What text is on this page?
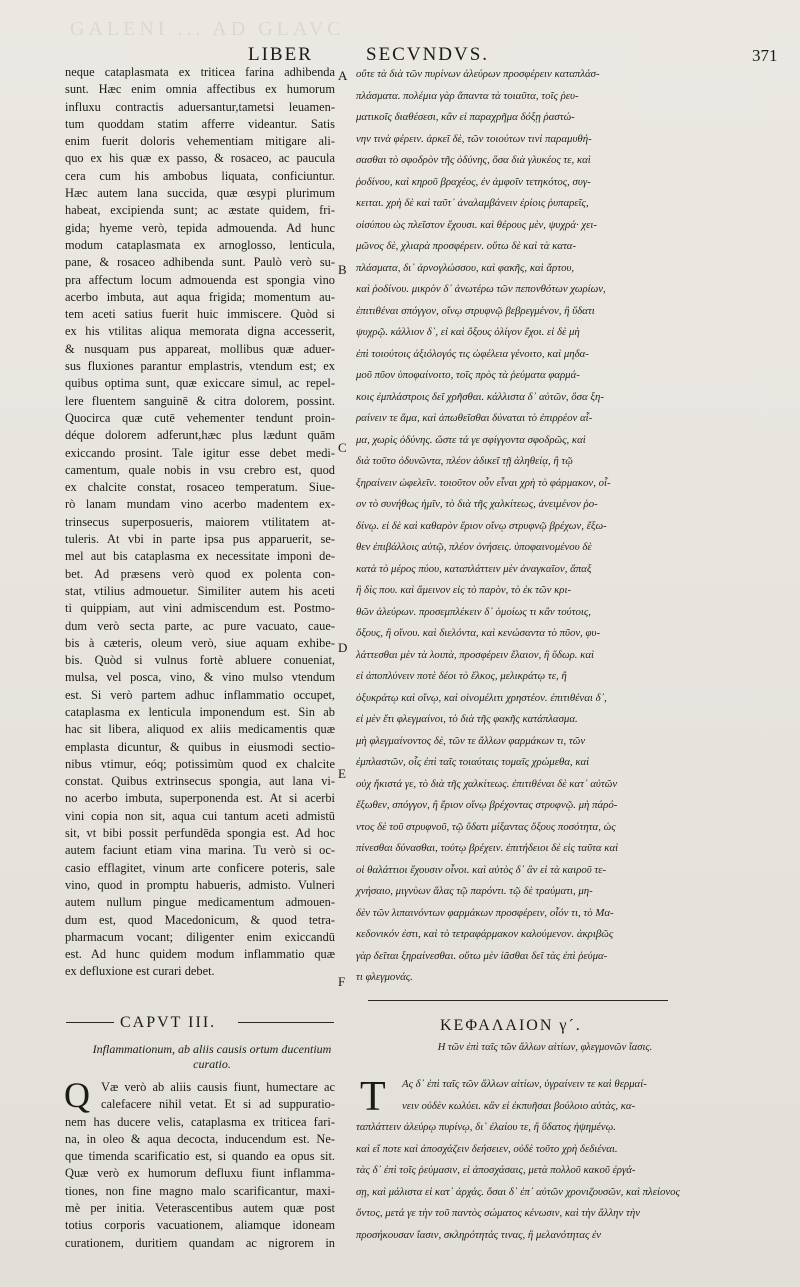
GALENI ... AD GLAVC
LIBER	SECVNDVS.	371
neque cataplasmata ex triticea farina adhibenda
sunt. Hæc enim omnia affectibus ex humorum
influxu contractis aduersantur,tametsi leuamen-
tum quoddam statim afferre videantur. Satis
enim fuerit doloris vehementiam mitigare ali-
quo ex his quæ ex passo, & rosaceo, ac paucula
cera cum his ambobus liquata, conficiuntur.
Hæc autem lana succida, quæ œsypi plurimum
habeat, excipienda sunt; ac æstate quidem, fri-
gida; hyeme verò, tepida admouenda. Ad hunc
modum cataplasmata ex arnoglosso, lenticula,
pane, & rosaceo adhibenda sunt. Paulò verò su-
pra affectum locum admouenda est spongia vino
acerbo imbuta, aut aqua frigida; momentum au-
tem aceti satius fuerit huic immiscere. Quòd si
ex his vtilitas aliqua memorata digna accesserit,
& nusquam pus appareat, mollibus quæ aduer-
sus fluxiones parantur emplastris, vtendum est; ex
quibus optima sunt, quæ exiccare simul, ac repel-
lere fluentem sanguinē & citra dolorem, possint.
Quocirca quæ cutē vehementer tendunt proin-
déque dolorem adferunt,hæc plus lædunt quām
exiccando prosint. Tale igitur esse debet medi-
camentum, quale nobis in vsu crebro est, quod
ex chalcite constat, rosaceo temperatum. Siue-
rò lanam mundam vino acerbo madentem ex-
trinsecus superposueris, maiorem vtilitatem at-
tuleris. At vbi in parte ipsa pus apparuerit, se-
mel aut bis cataplasma ex necessitate imponi de-
bet. Ad præsens verò quod ex polenta con-
stat, vtilius admouetur. Similiter autem his aceti
ti quippiam, aut vini admiscendum est. Postmo-
dum verò secta parte, ac pure vacuato, caue-
bis à cæteris, oleum verò, siue aquam exhibe-
bis. Quòd si vulnus fortè abluere conueniat,
mulsa, vel posca, vino, & vino mulso vtendum
est. Si verò partem adhuc inflammatio occupet,
cataplasma ex lenticula imponendum est. Sin ab
hac sit libera, aliquod ex aliis medicamentis quæ
emplasta dicuntur, & quibus in eiusmodi sectio-
nibus vtimur, eóq; potissimùm quod ex chalcite
constat. Quibus extrinsecus spongia, aut lana vi-
no acerbo imbuta, superponenda est. At si acerbi
vini copia non sit, aqua cui tantum aceti admistū
sit, vt bibi possit perfundēda spongia est. Ad hoc
autem faciunt etiam vina marina. Tu verò si oc-
casio efflagitet, vinum arte conficere poteris, sale
vino, quod in promptu habueris, admisto. Vulneri
autem nullum pingue medicamentum admouen-
dum est, quod Macedonicum, & quod tetra-
pharmacum vocant; diligenter enim exiccandū
est. Ad hunc quidem modum inflammatio quæ
ex defluxione est curari debet.
οὔτε τὰ διὰ τῶν πυρίνων ἀλεύρων προσφέρειν καταπλάσ-
πλάσματα. πολέμια γὰρ ἅπαντα τὰ τοιαῦτα, τοῖς ῥευ-
ματικοῖς διαθέσεσι, κἂν εἰ παραχρῆμα δόξῃ ῥαστώ-
νην τινὰ φέρειν. ἀρκεῖ δὲ, τῶν τοιούτων τινὶ παραμυθή-
σασθαι τὸ σφοδρὸν τῆς ὀδύνης, ὅσα διὰ γλυκέος τε, καὶ
ῥοδίνου, καὶ κηροῦ βραχέος, ἐν ἀμφοῖν τετηκότος, συγ-
κειται. χρὴ δὲ καὶ ταῦτ᾽ ἀναλαμβάνειν ἐρίοις ῥυπαρεῖς,
οἰσύπου ὡς πλεῖστον ἔχουσι. καὶ θέρους μὲν, ψυχρά· χει-
μῶνος δὲ, χλιαρὰ προσφέρειν. οὕτω δὲ καὶ τὰ κατα-
πλάσματα, δι᾽ ἀρνογλώσσου, καὶ φακῆς, καὶ ἄρτου,
καὶ ῥοδίνου. μικρὸν δ᾽ ἀνωτέρω τῶν πεπονθότων χωρίων,
ἐπιτιθέναι σπόγγον, οἴνῳ στρυφνῷ βεβρεγμένον, ἢ ὕδατι
ψυχρῷ. κάλλιον δ᾽, εἰ καὶ ὄξους ὀλίγον ἔχοι. εἰ δὲ μὴ
ἐπὶ τοιούτοις ἀξιόλογός τις ὠφέλεια γένοιτο, καὶ μηδα-
μοῦ πῦον ὑποφαίνοιτο, τοῖς πρὸς τὰ ῥεύματα φαρμά-
κοις ἐμπλάστροις δεῖ χρῆσθαι. κάλλιστα δ᾽ αὐτῶν, ὅσα ξη-
ραίνειν τε ἅμα, καὶ ἀπωθεῖσθαι δύναται τὸ ἐπιρρέον αἷ-
μα, χωρὶς ὀδύνης. ὥστε τά γε σφίγγοντα σφοδρῶς, καὶ
διὰ τοῦτο ὀδυνῶντα, πλέον ἀδικεῖ τῇ ἀληθείᾳ, ἢ τῷ
ξηραίνειν ὠφελεῖν. τοιοῦτον οὖν εἶναι χρὴ τὸ φάρμακον, οἷ-
ον τὸ συνήθως ἡμῖν, τὸ διὰ τῆς χαλκίτεως, ἀνειμένον ῥο-
δίνῳ. εἰ δὲ καὶ καθαρὸν ἔριον οἴνῳ στρυφνῷ βρέχων, ἔξω-
θεν ἐπιβάλλοις αὐτῷ, πλέον ὀνήσεις. ὑποφαινομένου δὲ
κατὰ τὸ μέρος πύου, καταπλάττειν μὲν ἀναγκαῖον, ἅπαξ
ἢ δὶς που. καὶ ἄμεινον εἰς τὸ παρὸν, τὸ ἐκ τῶν κρι-
θῶν ἀλεύρων. προσεμπλέκειν δ᾽ ὁμοίως τι κἂν τούτοις,
ὄξους, ἢ οἴνου. καὶ διελόντα, καὶ κενώσαντα τὸ πῦον, φυ-
λάττεσθαι μὲν τὰ λοιπὰ, προσφέρειν ἔλαιον, ἢ ὕδωρ. καὶ
εἰ ἀποπλύνειν ποτὲ δέοι τὸ ἕλκος, μελικράτῳ τε, ἢ
ὀξυκράτῳ καὶ οἴνῳ, καὶ οἰνομέλιτι χρηστέον. ἐπιτιθέναι δ᾽,
εἰ μὲν ἔτι φλεγμαίνοι, τὸ διὰ τῆς φακῆς κατάπλασμα.
μὴ φλεγμαίνοντος δὲ, τῶν τε ἄλλων φαρμάκων τι, τῶν
ἐμπλαστῶν, οἷς ἐπὶ ταῖς τοιαύταις τομαῖς χρώμεθα, καὶ
οὐχ ἥκιστά γε, τὸ διὰ τῆς χαλκίτεως. ἐπιτιθέναι δὲ κατ᾽ αὐτῶν
ἔξωθεν, σπόγγον, ἢ ἔριον οἴνῳ βρέχοντας στρυφνῷ. μὴ πάρό-
ντος δὲ τοῦ στρυφνοῦ, τῷ ὕδατι μίξαντας ὄξους ποσότητα, ὡς
πίνεσθαι δύνασθαι, τούτῳ βρέχειν. ἐπιτήδειοι δὲ εἰς ταῦτα καὶ
οἱ θαλάττιοι ἔχουσιν οἶνοι. καὶ αὐτὸς δ᾽ ἂν εἰ τὰ καιροῦ τε-
χνήσαιο, μιγνὺων ἅλας τῷ παρόντι. τῷ δὲ τραύματι, μη-
δὲν τῶν λιπαινόντων φαρμάκων προσφέρειν, οἷόν τι, τὸ Μα-
κεδονικόν ἐστι, καὶ τὸ τετραφάρμακον καλούμενον. ἀκριβῶς
γὰρ δεῖται ξηραίνεσθαι. οὕτω μὲν ἰᾶσθαι δεῖ τὰς ἐπὶ ῥεύμα-
τι φλεγμονάς.
A
B
C
D
E
F
CAPVT III.
Inflammationum, ab aliis causis ortum ducentium curatio.
Q Væ verò ab aliis causis fiunt, humectare ac
calefacere nihil vetat. Et si ad suppuratio-
nem has ducere velis, cataplasma ex triticea fari-
na, in oleo & aqua decocta, inducendum est. Ne-
que timenda scarificatio est, si quando ea opus sit.
Quæ verò ex humorum defluxu fiunt inflamma-
tiones, non fine magno malo scarificantur, maxi-
mè per initia. Veterascentibus autem quæ post
totius corporis vacuationem, aliamque idoneam
curationem, duritiem quandam ac nigrorem in
ΚΕΦΑΛΑΙΟΝ γ´.
Η τῶν ἐπὶ ταῖς τῶν ἄλλων αἰτίων, φλεγμονῶν ἴασις.
T	Ας δ᾽ ἐπὶ ταῖς τῶν ἄλλων αἰτίων, ὑγραίνειν τε καὶ θερμαί-
νειν οὐδὲν κωλύει. κἂν εἰ ἐκπυῆσαι βούλοιο αὐτὰς, κα-
ταπλάττειν ἀλεύρῳ πυρίνῳ, δι᾽ ἐλαίου τε, ἢ ὕδατος ἡψημένῳ.
καὶ εἴ ποτε καὶ ἀποσχάζειν δεήσειεν, οὐδὲ τοῦτο χρὴ δεδιέναι.
τὰς δ᾽ ἐπὶ τοῖς ῥεύμασιν, εἰ ἀποσχάσαις, μετὰ πολλοῦ κακοῦ ἐργά-
σῃ, καὶ μάλιστα εἰ κατ᾽ ἀρχάς. ὅσαι δ᾽ ἐπ᾽ αὐτῶν χρονιζουσῶν, καὶ πλείονος
ὄντος, μετά γε τὴν τοῦ παντὸς σώματος κένωσιν, καὶ τὴν ἄλλην τὴν
προσήκουσαν ἴασιν, σκληρότητάς τινας, ἢ μελανότητας ἐν
